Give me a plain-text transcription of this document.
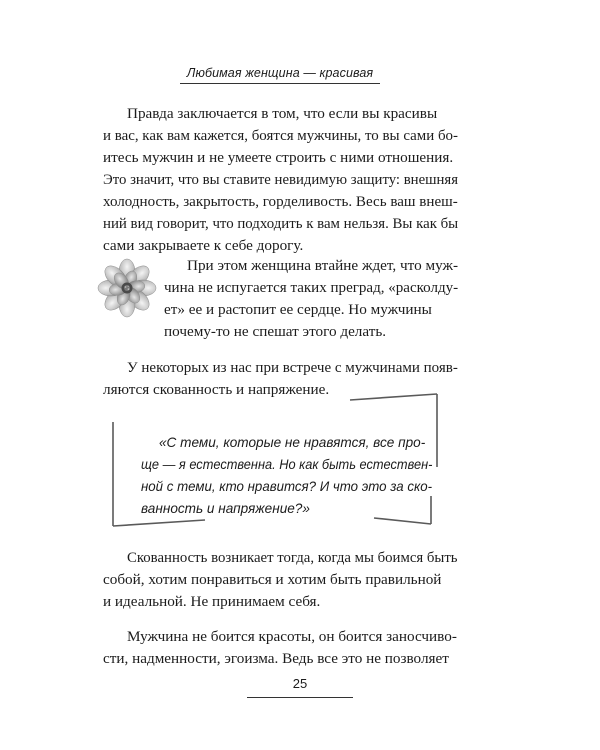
Любимая женщина — красивая
Правда заключается в том, что если вы красивы
и вас, как вам кажется, боятся мужчины, то вы сами бо-
итесь мужчин и не умеете строить с ними отношения.
Это значит, что вы ставите невидимую защиту: внешняя
холодность, закрытость, горделивость. Весь ваш внеш-
ний вид говорит, что подходить к вам нельзя. Вы как бы
сами закрываете к себе дорогу.
При этом женщина втайне ждет, что муж-
чина не испугается таких преград, «расколду-
ет» ее и растопит ее сердце. Но мужчины
почему-то не спешат этого делать.
У некоторых из нас при встрече с мужчинами появ-
ляются скованность и напряжение.
«С теми, которые не нравятся, все про-
ще — я естественна. Но как быть естествен-
ной с теми, кто нравится? И что это за ско-
ванность и напряжение?»
Скованность возникает тогда, когда мы боимся быть
собой, хотим понравиться и хотим быть правильной
и идеальной. Не принимаем себя.
Мужчина не боится красоты, он боится заносчиво-
сти, надменности, эгоизма. Ведь все это не позволяет
25
